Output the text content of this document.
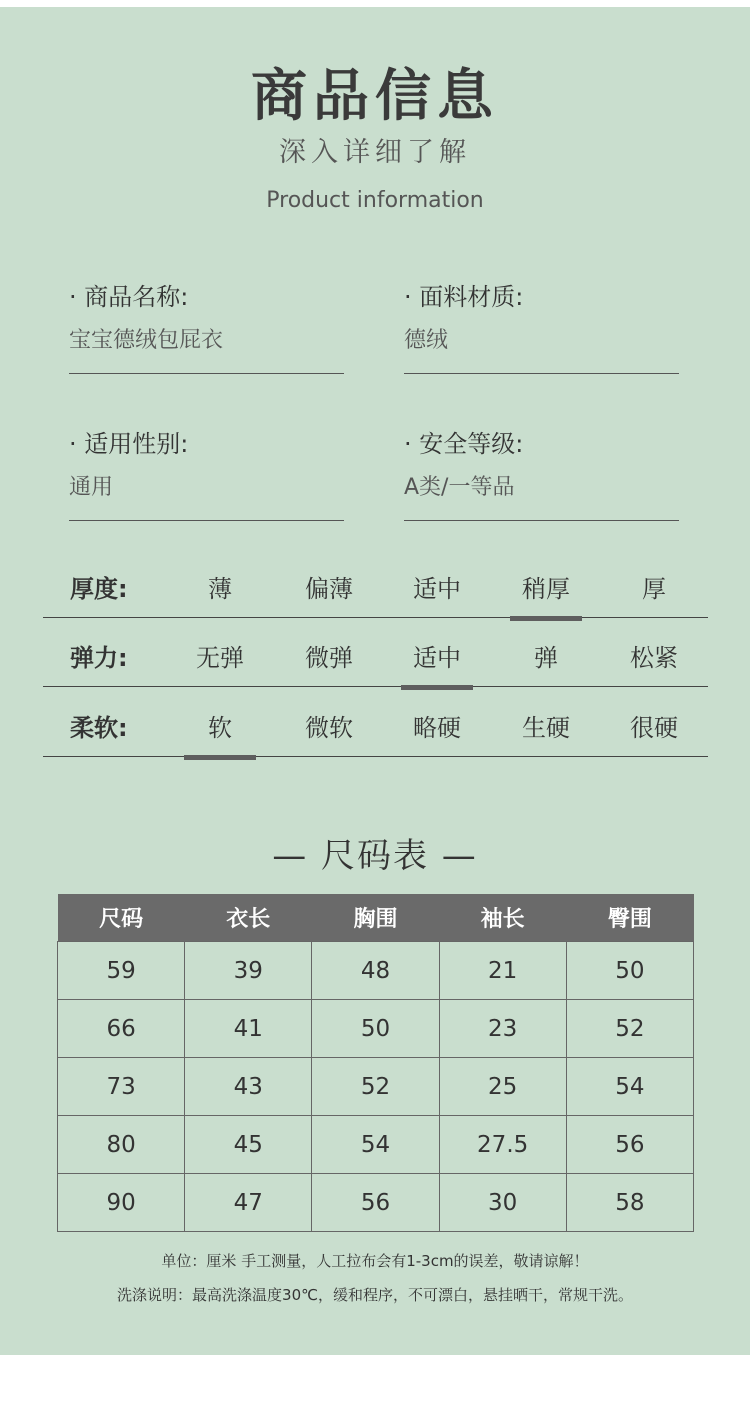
商品信息
深入详细了解
Product information
· 商品名称:
宝宝德绒包屁衣
· 面料材质:
德绒
· 适用性别:
通用
· 安全等级:
A类/一等品
厚度:	薄	偏薄	适中	稍厚	厚
弹力:	无弹	微弹	适中	弹	松紧
柔软:	软	微软	略硬	生硬	很硬
— 尺码表 —
尺码	衣长	胸围	袖长	臀围
59	39	48	21	50
66	41	50	23	52
73	43	52	25	54
80	45	54	27.5	56
90	47	56	30	58
单位：厘米 手工测量，人工拉布会有1-3cm的误差，敬请谅解！
洗涤说明：最高洗涤温度30℃，缓和程序，不可漂白，悬挂晒干，常规干洗。
